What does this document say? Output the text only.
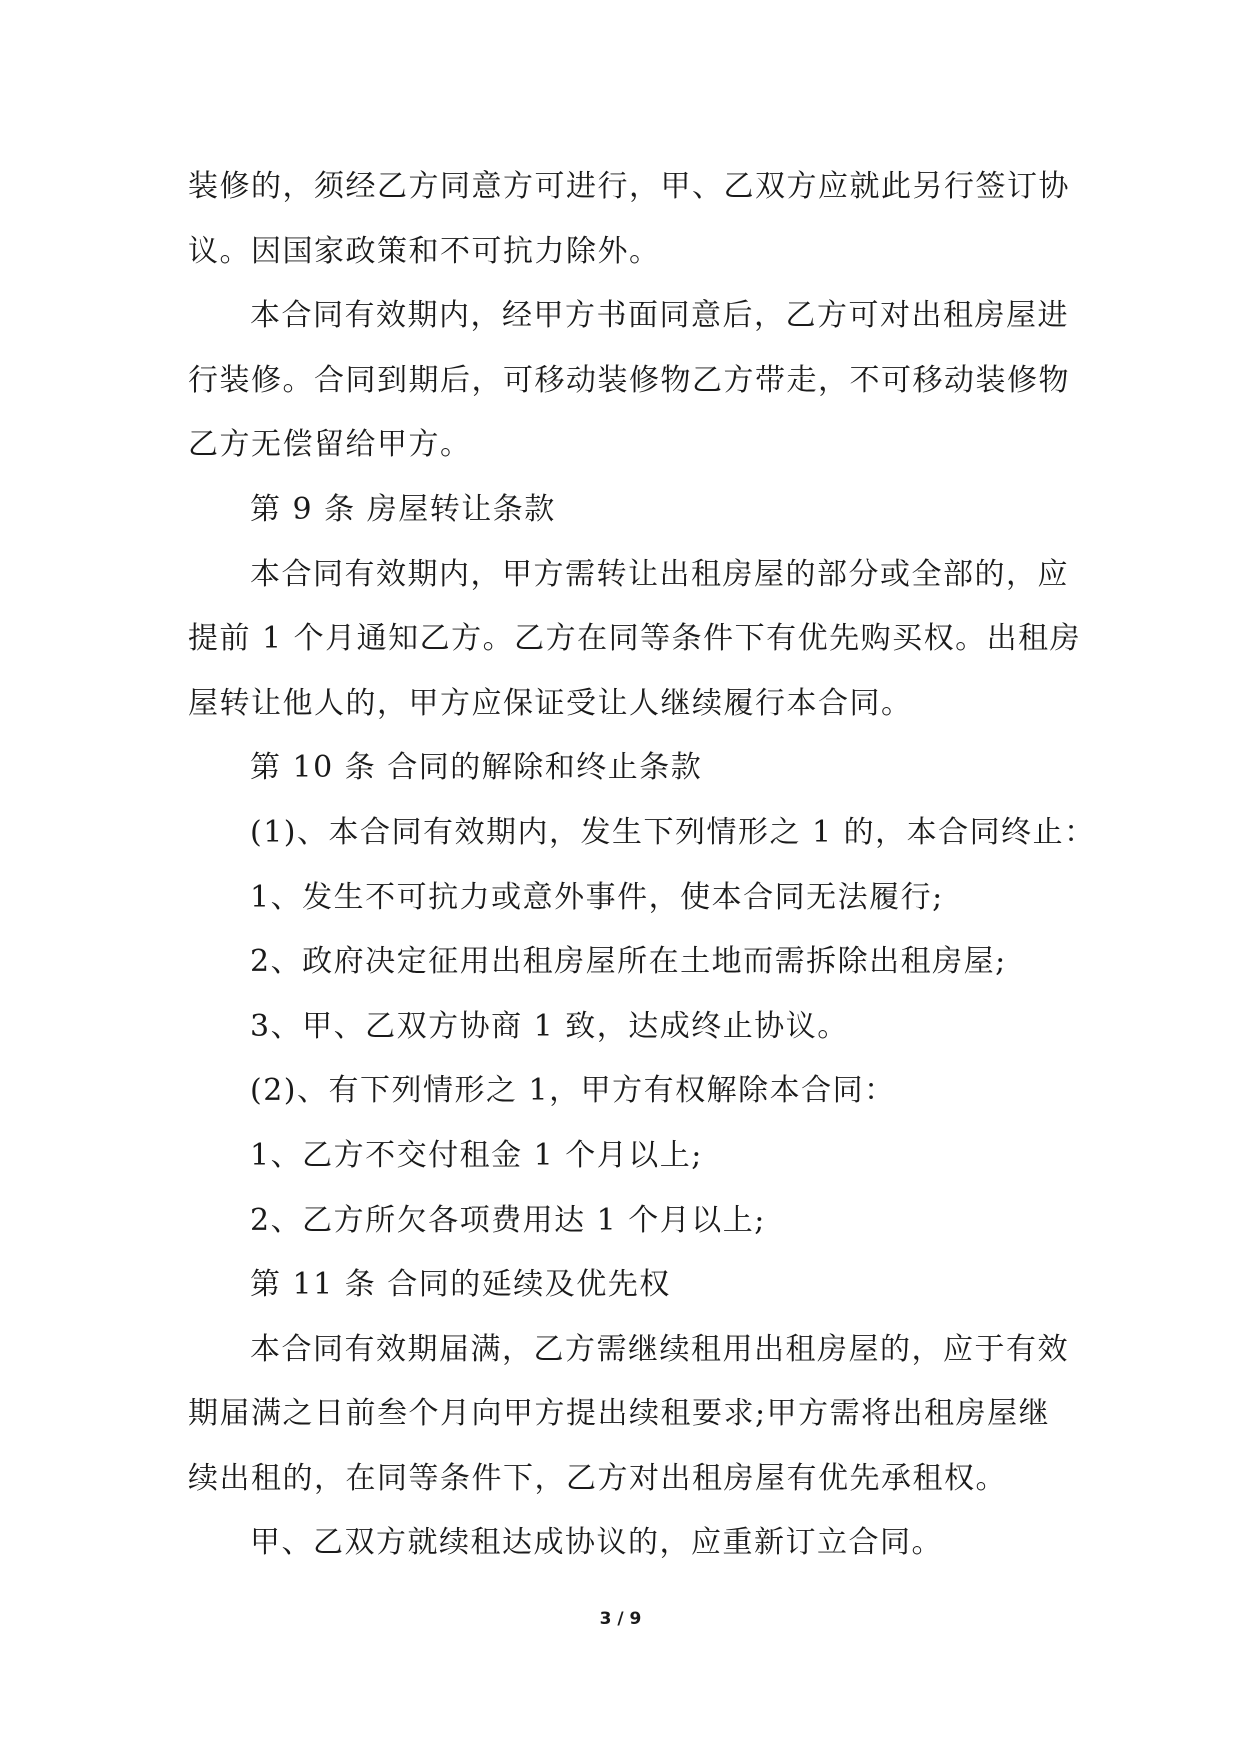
装修的，须经乙方同意方可进行，甲、乙双方应就此另行签订协
议。因国家政策和不可抗力除外。
本合同有效期内，经甲方书面同意后，乙方可对出租房屋进
行装修。合同到期后，可移动装修物乙方带走，不可移动装修物
乙方无偿留给甲方。
第 9 条 房屋转让条款
本合同有效期内，甲方需转让出租房屋的部分或全部的，应
提前 1 个月通知乙方。乙方在同等条件下有优先购买权。出租房
屋转让他人的，甲方应保证受让人继续履行本合同。
第 10 条 合同的解除和终止条款
(1)、本合同有效期内，发生下列情形之 1 的，本合同终止：
1、发生不可抗力或意外事件，使本合同无法履行;
2、政府决定征用出租房屋所在土地而需拆除出租房屋;
3、甲、乙双方协商 1 致，达成终止协议。
(2)、有下列情形之 1，甲方有权解除本合同：
1、乙方不交付租金 1 个月以上;
2、乙方所欠各项费用达 1 个月以上;
第 11 条 合同的延续及优先权
本合同有效期届满，乙方需继续租用出租房屋的，应于有效
期届满之日前叁个月向甲方提出续租要求;甲方需将出租房屋继
续出租的，在同等条件下，乙方对出租房屋有优先承租权。
甲、乙双方就续租达成协议的，应重新订立合同。
3 / 9
